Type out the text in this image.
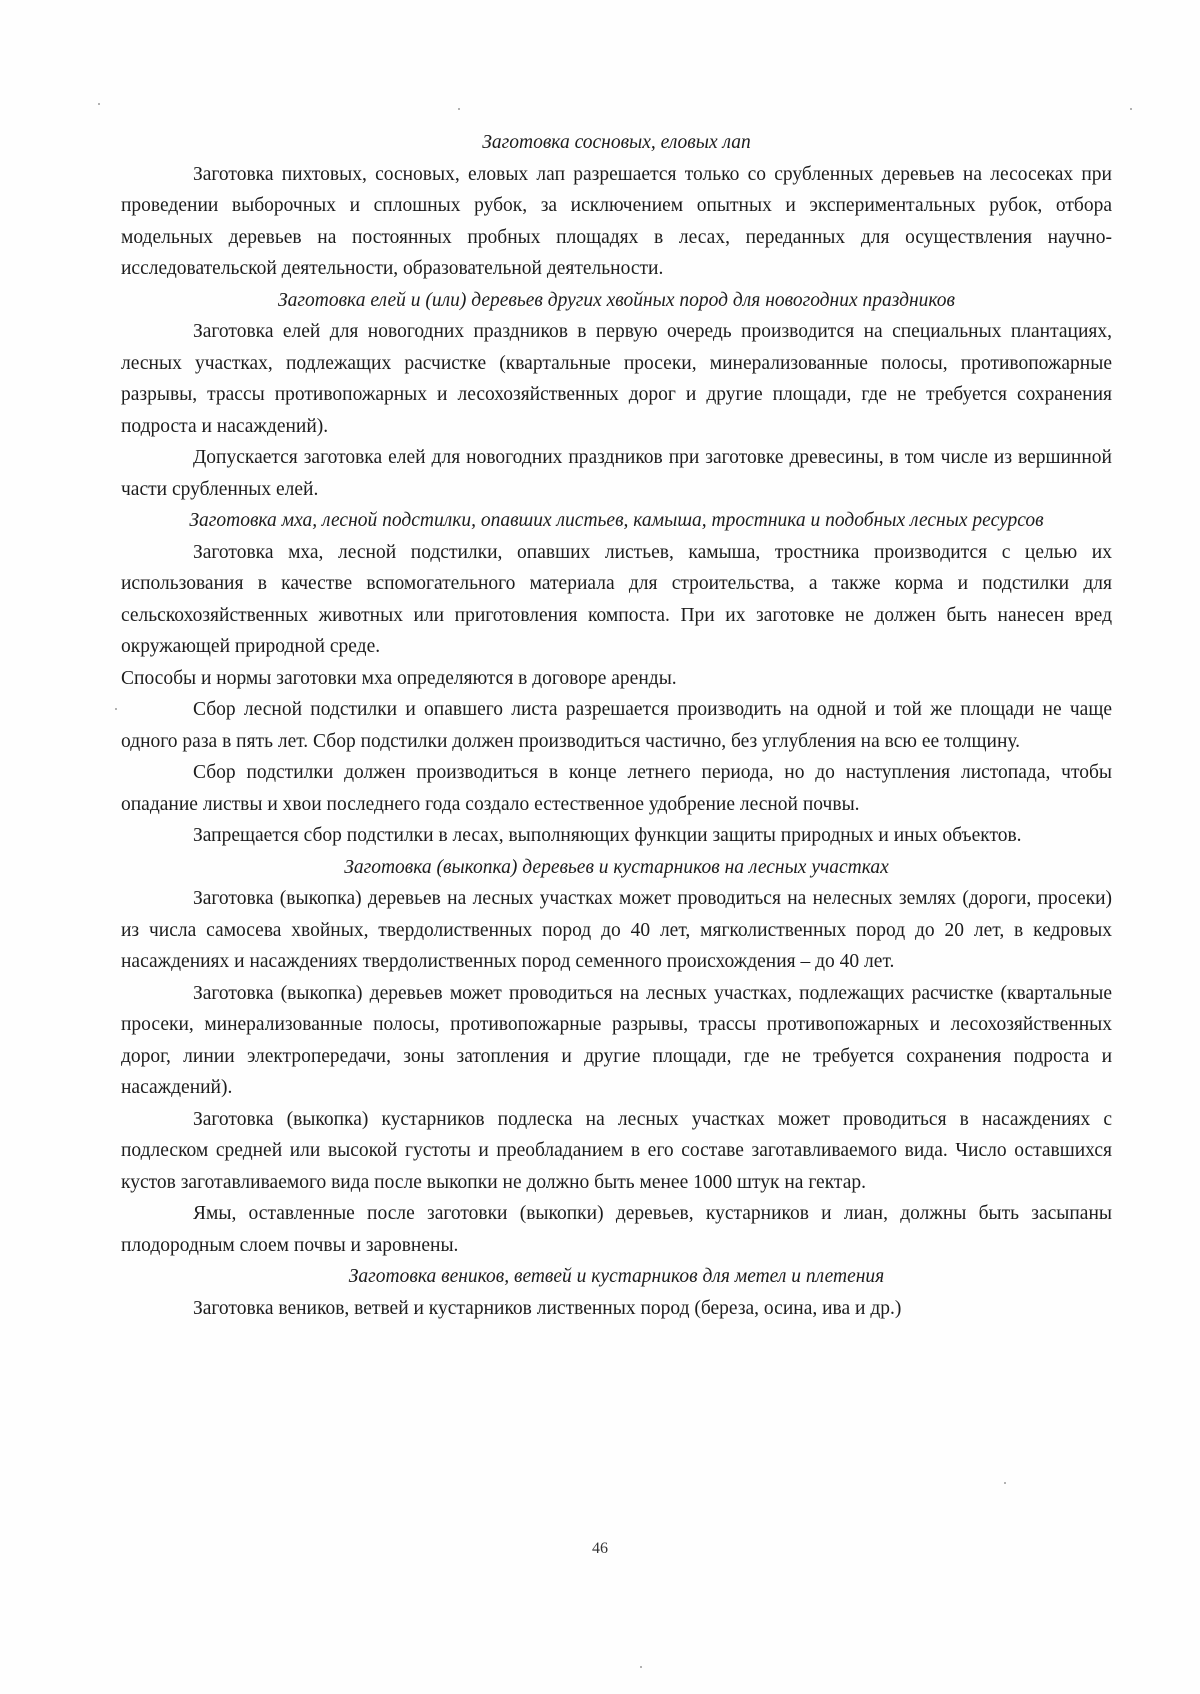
Заготовка сосновых, еловых лап

Заготовка пихтовых, сосновых, еловых лап разрешается только со срубленных деревьев на лесосеках при проведении выборочных и сплошных рубок, за исключением опытных и экспериментальных рубок, отбора модельных деревьев на постоянных пробных площадях в лесах, переданных для осуществления научно-исследовательской деятельности, образовательной деятельности.

Заготовка елей и (или) деревьев других хвойных пород для новогодних праздников

Заготовка елей для новогодних праздников в первую очередь производится на специальных плантациях, лесных участках, подлежащих расчистке (квартальные просеки, минерализованные полосы, противопожарные разрывы, трассы противопожарных и лесохозяйственных дорог и другие площади, где не требуется сохранения подроста и насаждений).

Допускается заготовка елей для новогодних праздников при заготовке древесины, в том числе из вершинной части срубленных елей.

Заготовка мха, лесной подстилки, опавших листьев, камыша, тростника и подобных лесных ресурсов

Заготовка мха, лесной подстилки, опавших листьев, камыша, тростника производится с целью их использования в качестве вспомогательного материала для строительства, а также корма и подстилки для сельскохозяйственных животных или приготовления компоста. При их заготовке не должен быть нанесен вред окружающей природной среде.

Способы и нормы заготовки мха определяются в договоре аренды.

Сбор лесной подстилки и опавшего листа разрешается производить на одной и той же площади не чаще одного раза в пять лет. Сбор подстилки должен производиться частично, без углубления на всю ее толщину.

Сбор подстилки должен производиться в конце летнего периода, но до наступления листопада, чтобы опадание листвы и хвои последнего года создало естественное удобрение лесной почвы.

Запрещается сбор подстилки в лесах, выполняющих функции защиты природных и иных объектов.

Заготовка (выкопка) деревьев и кустарников на лесных участках

Заготовка (выкопка) деревьев на лесных участках может проводиться на нелесных землях (дороги, просеки) из числа самосева хвойных, твердолиственных пород до 40 лет, мягколиственных пород до 20 лет, в кедровых насаждениях и насаждениях твердолиственных пород семенного происхождения – до 40 лет.

Заготовка (выкопка) деревьев может проводиться на лесных участках, подлежащих расчистке (квартальные просеки, минерализованные полосы, противопожарные разрывы, трассы противопожарных и лесохозяйственных дорог, линии электропередачи, зоны затопления и другие площади, где не требуется сохранения подроста и насаждений).

Заготовка (выкопка) кустарников подлеска на лесных участках может проводиться в насаждениях с подлеском средней или высокой густоты и преобладанием в его составе заготавливаемого вида. Число оставшихся кустов заготавливаемого вида после выкопки не должно быть менее 1000 штук на гектар.

Ямы, оставленные после заготовки (выкопки) деревьев, кустарников и лиан, должны быть засыпаны плодородным слоем почвы и заровнены.

Заготовка веников, ветвей и кустарников для метел и плетения

Заготовка веников, ветвей и кустарников лиственных пород (береза, осина, ива и др.)

46
